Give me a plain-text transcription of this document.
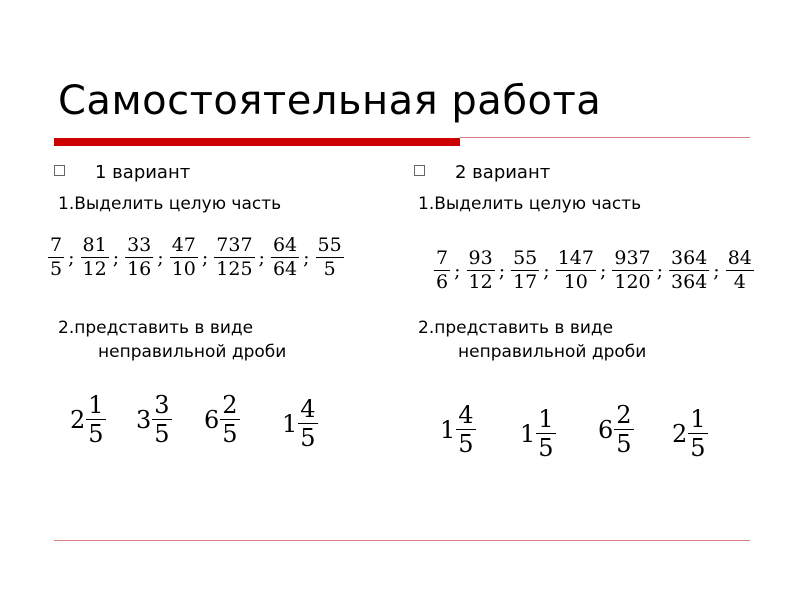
Самостоятельная работа
1 вариант
1.Выделить целую часть
$\frac{7}{5}$ ; $\frac{81}{12}$ ; $\frac{33}{16}$ ; $\frac{47}{10}$ ; $\frac{737}{125}$ ; $\frac{64}{64}$ ; $\frac{55}{5}$
2.представить в виде
неправильной дроби
$2 \frac{1}{5} 3 \frac{3}{5} 6 \frac{2}{5} 1 \frac{4}{5}$
2 вариант
1.Выделить целую часть
$\frac{7}{6}$ ; $\frac{93}{12}$ ; $\frac{55}{17}$ ; $\frac{147}{10}$ ; $\frac{937}{120}$ ; $\frac{364}{364}$ ; $\frac{84}{4}$
2.представить в виде
неправильной дроби
$1 \frac{4}{5} 1 \frac{1}{5} 6 \frac{2}{5} 2 \frac{1}{5}$
